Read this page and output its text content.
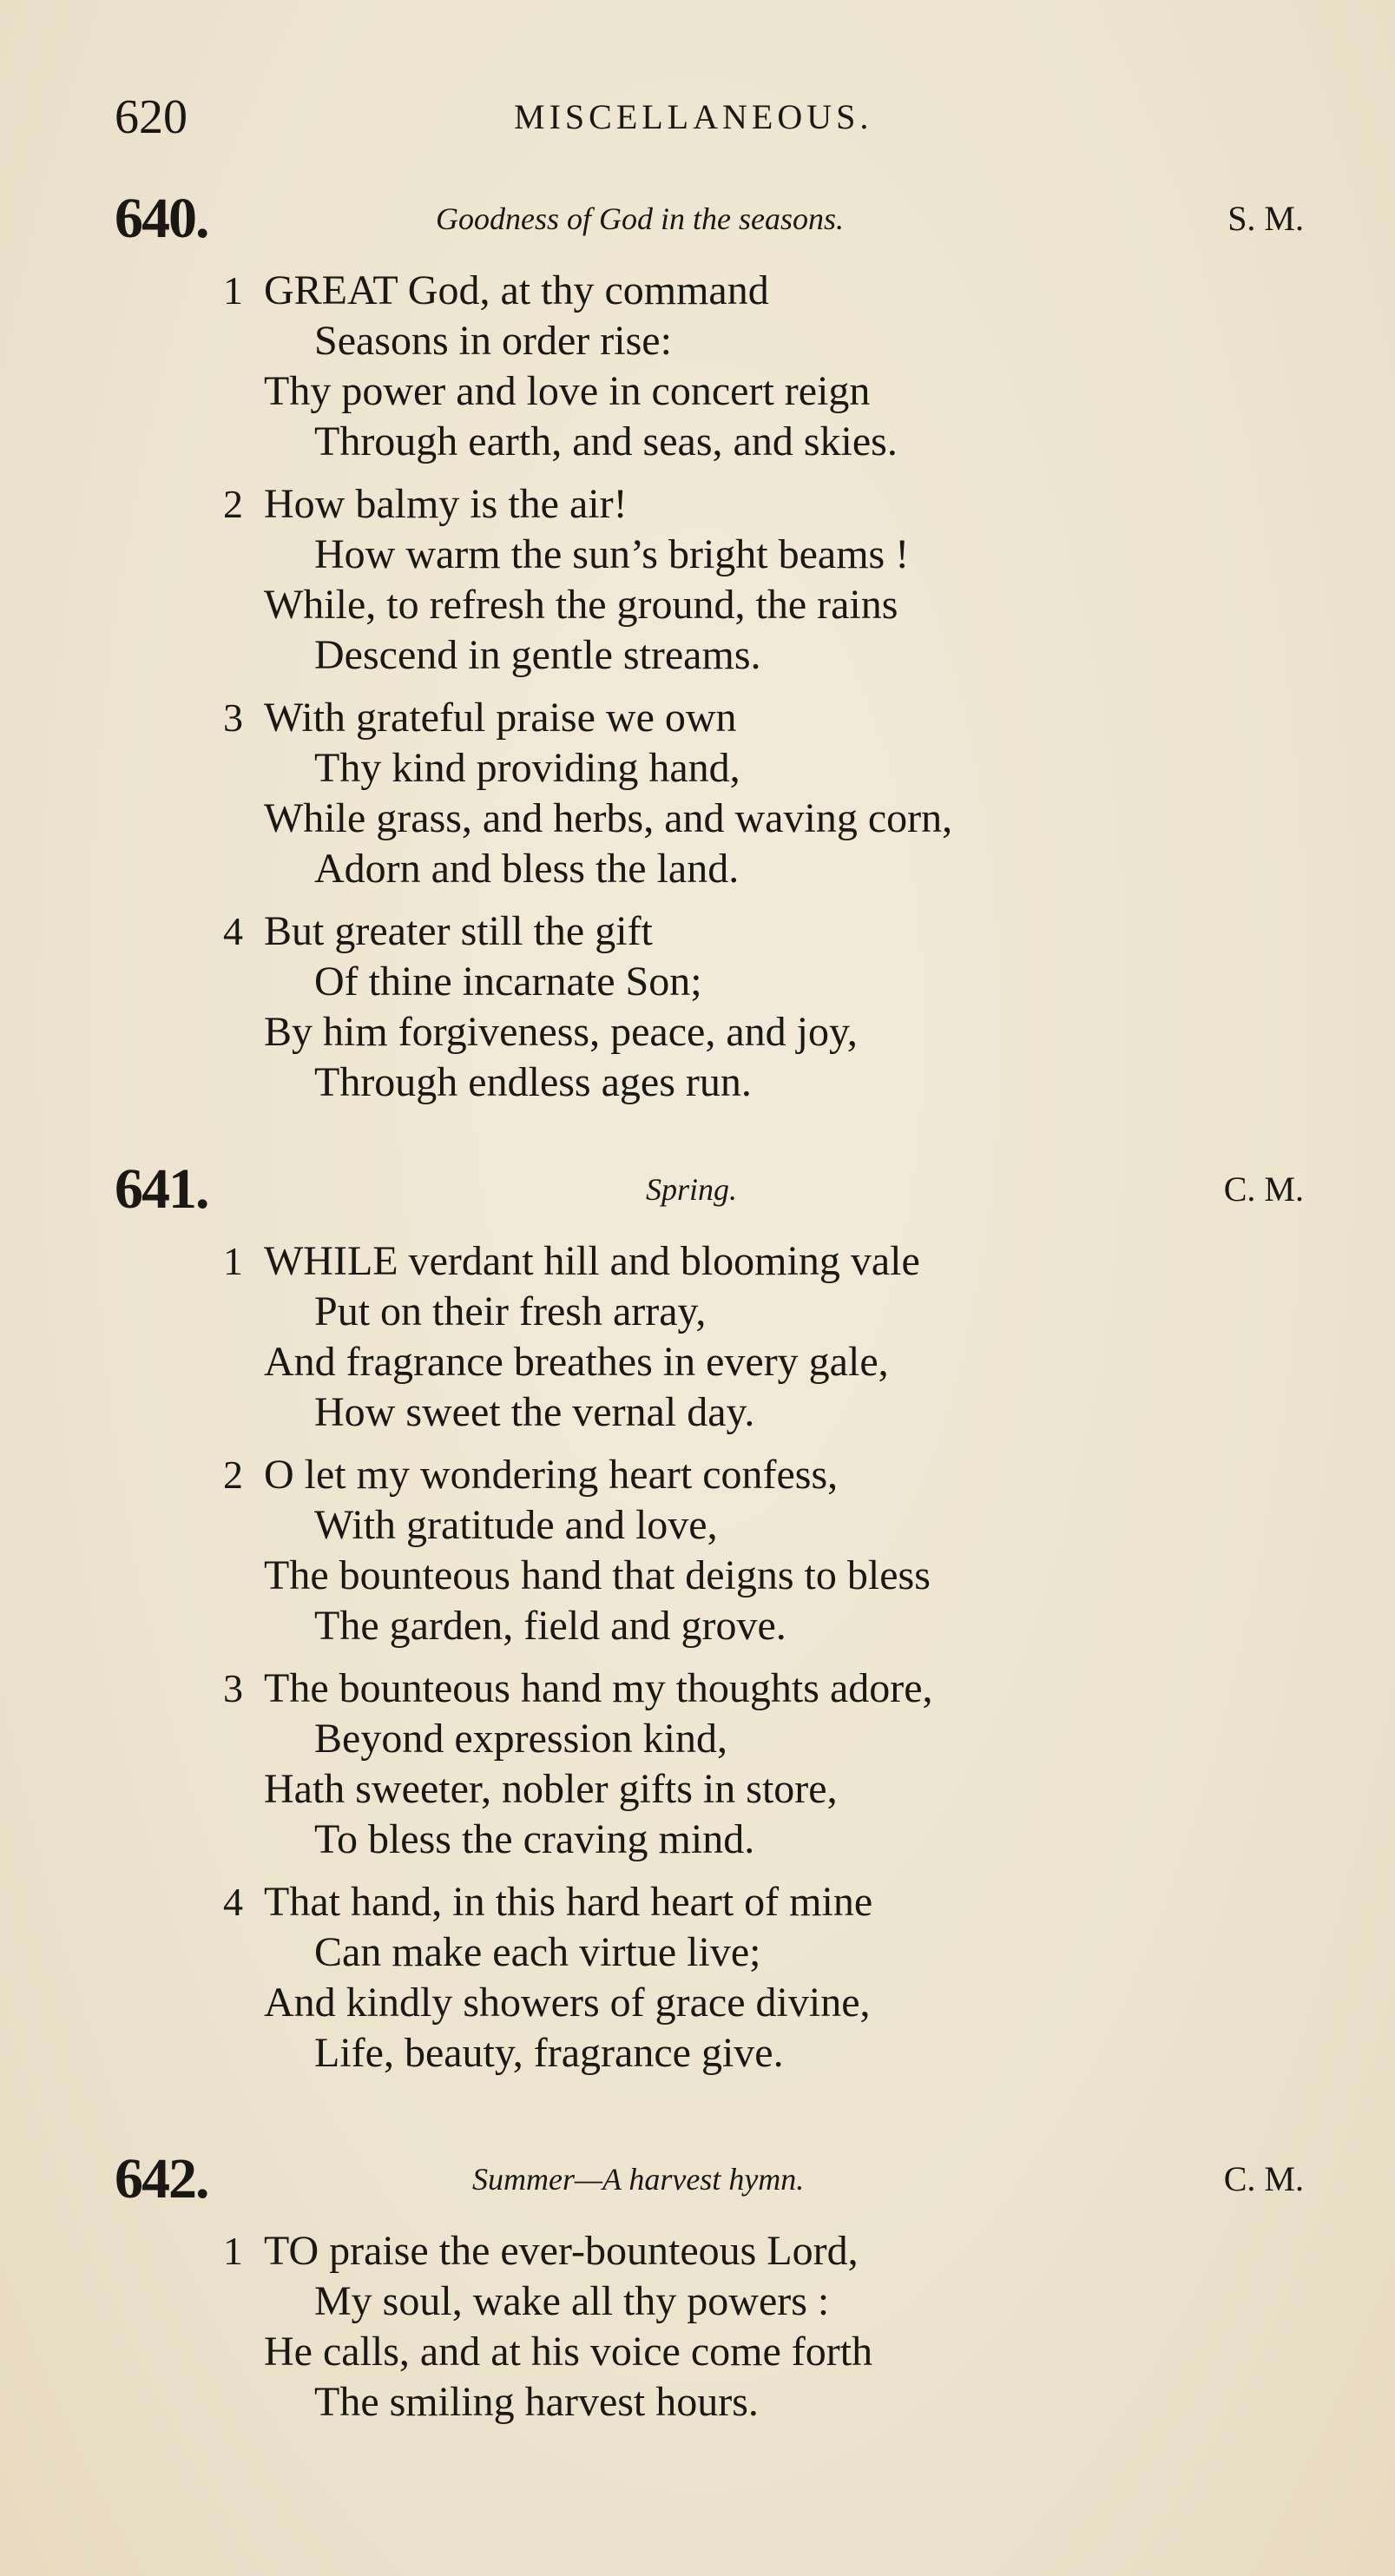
620	MISCELLANEOUS.
640.	Goodness of God in the seasons.	S. M.
1 GREAT God, at thy command
Seasons in order rise:
Thy power and love in concert reign
Through earth, and seas, and skies.
2 How balmy is the air!
How warm the sun’s bright beams !
While, to refresh the ground, the rains
Descend in gentle streams.
3 With grateful praise we own
Thy kind providing hand,
While grass, and herbs, and waving corn,
Adorn and bless the land.
4 But greater still the gift
Of thine incarnate Son;
By him forgiveness, peace, and joy,
Through endless ages run.
641.	Spring.	C. M.
1 WHILE verdant hill and blooming vale
Put on their fresh array,
And fragrance breathes in every gale,
How sweet the vernal day.
2 O let my wondering heart confess,
With gratitude and love,
The bounteous hand that deigns to bless
The garden, field and grove.
3 The bounteous hand my thoughts adore,
Beyond expression kind,
Hath sweeter, nobler gifts in store,
To bless the craving mind.
4 That hand, in this hard heart of mine
Can make each virtue live;
And kindly showers of grace divine,
Life, beauty, fragrance give.
642.	Summer—A harvest hymn.	C. M.
1 TO praise the ever-bounteous Lord,
My soul, wake all thy powers :
He calls, and at his voice come forth
The smiling harvest hours.
